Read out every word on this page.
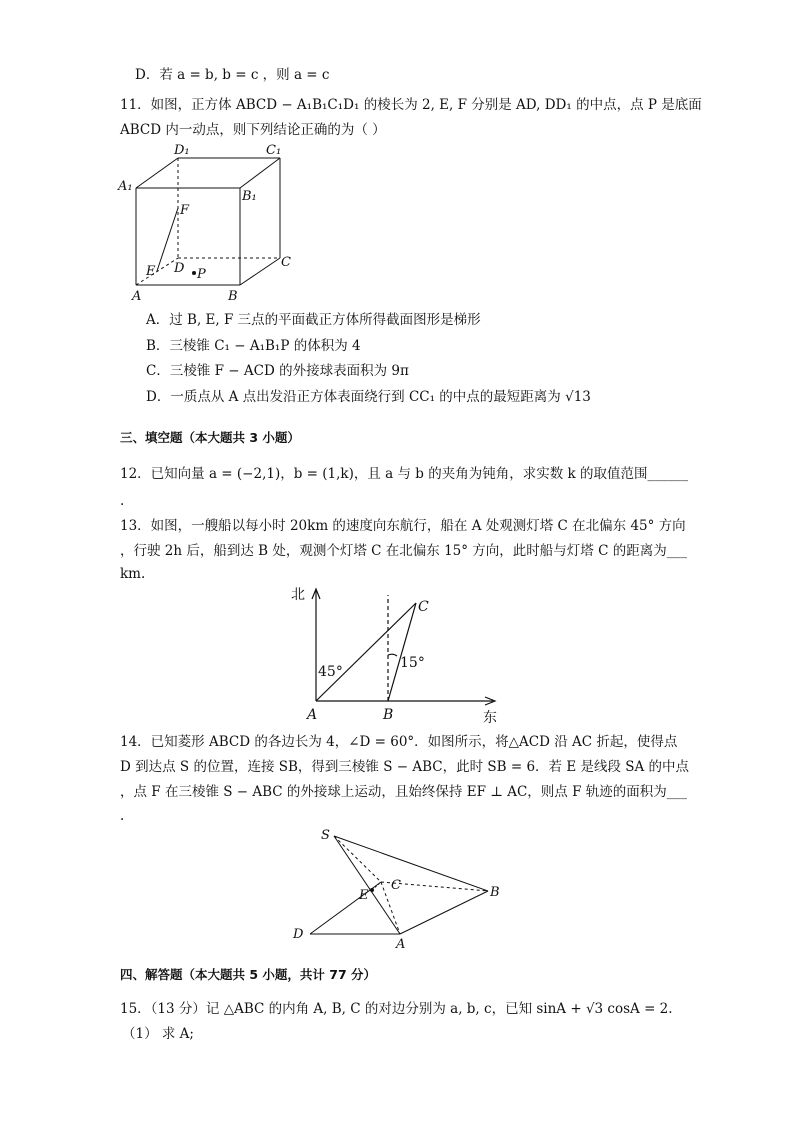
D．若 a = b, b = c ，则 a = c
11．如图，正方体 ABCD − A₁B₁C₁D₁ 的棱长为 2, E, F 分别是 AD, DD₁ 的中点，点 P 是底面
ABCD 内一动点，则下列结论正确的为（ ）
D₁	C₁
A₁
B₁
F
E D P
C
A	B
A．过 B, E, F 三点的平面截正方体所得截面图形是梯形
B．三棱锥 C₁ − A₁B₁P 的体积为 4
C．三棱锥 F − ACD 的外接球表面积为 9π
D．一质点从 A 点出发沿正方体表面绕行到 CC₁ 的中点的最短距离为 √13
三、填空题（本大题共 3 小题）
12．已知向量 a = (−2,1)，b = (1,k)，且 a 与 b 的夹角为钝角，求实数 k 的取值范围______
.
13．如图，一艘船以每小时 20km 的速度向东航行，船在 A 处观测灯塔 C 在北偏东 45° 方向
，行驶 2h 后，船到达 B 处，观测个灯塔 C 在北偏东 15° 方向，此时船与灯塔 C 的距离为___
km.
北
东
45°
15°
A	B
C
14．已知菱形 ABCD 的各边长为 4，∠D = 60°．如图所示，将△ACD 沿 AC 折起，使得点
D 到达点 S 的位置，连接 SB，得到三棱锥 S − ABC，此时 SB = 6．若 E 是线段 SA 的中点
，点 F 在三棱锥 S − ABC 的外接球上运动，且始终保持 EF ⊥ AC，则点 F 轨迹的面积为___
.
S
E
C	B
D
A
四、解答题（本大题共 5 小题，共计 77 分）
15．（13 分）记 △ABC 的内角 A, B, C 的对边分别为 a, b, c，已知 sinA + √3 cosA = 2.
（1） 求 A;
